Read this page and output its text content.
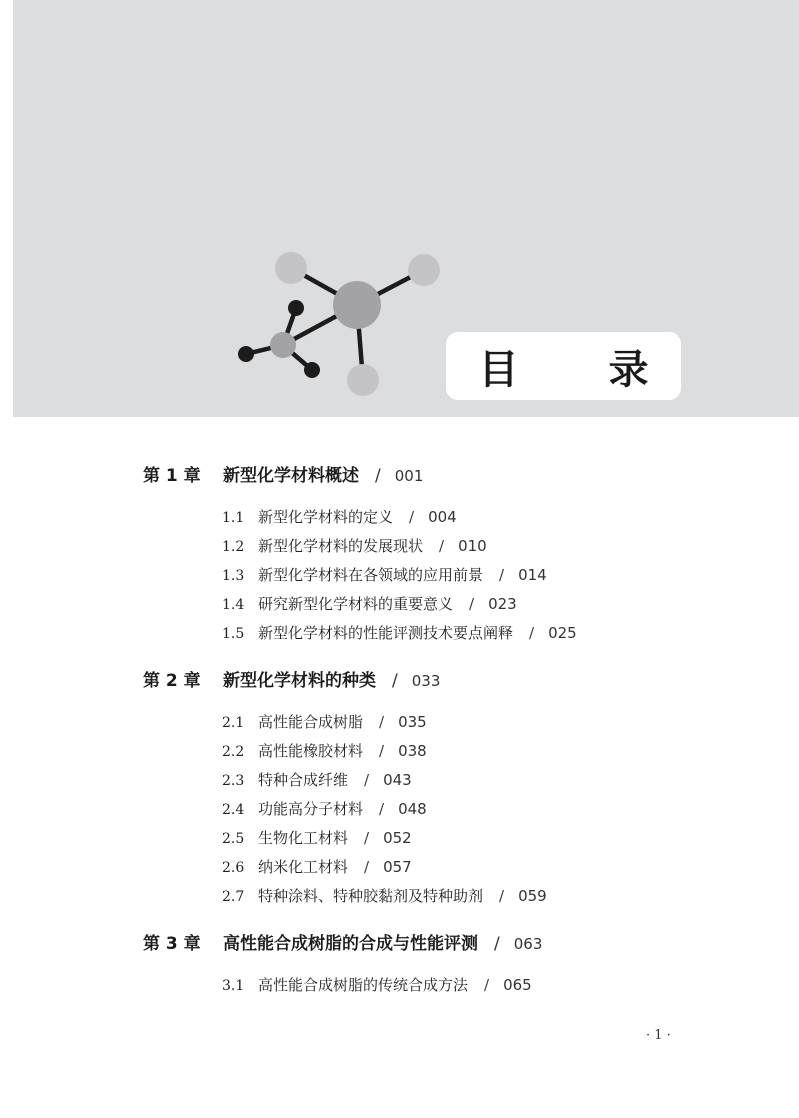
目 录
第 1 章 新型化学材料概述 / 001
1.1 新型化学材料的定义 / 004
1.2 新型化学材料的发展现状 / 010
1.3 新型化学材料在各领域的应用前景 / 014
1.4 研究新型化学材料的重要意义 / 023
1.5 新型化学材料的性能评测技术要点阐释 / 025
第 2 章 新型化学材料的种类 / 033
2.1 高性能合成树脂 / 035
2.2 高性能橡胶材料 / 038
2.3 特种合成纤维 / 043
2.4 功能高分子材料 / 048
2.5 生物化工材料 / 052
2.6 纳米化工材料 / 057
2.7 特种涂料、特种胶黏剂及特种助剂 / 059
第 3 章 高性能合成树脂的合成与性能评测 / 063
3.1 高性能合成树脂的传统合成方法 / 065
· 1 ·
